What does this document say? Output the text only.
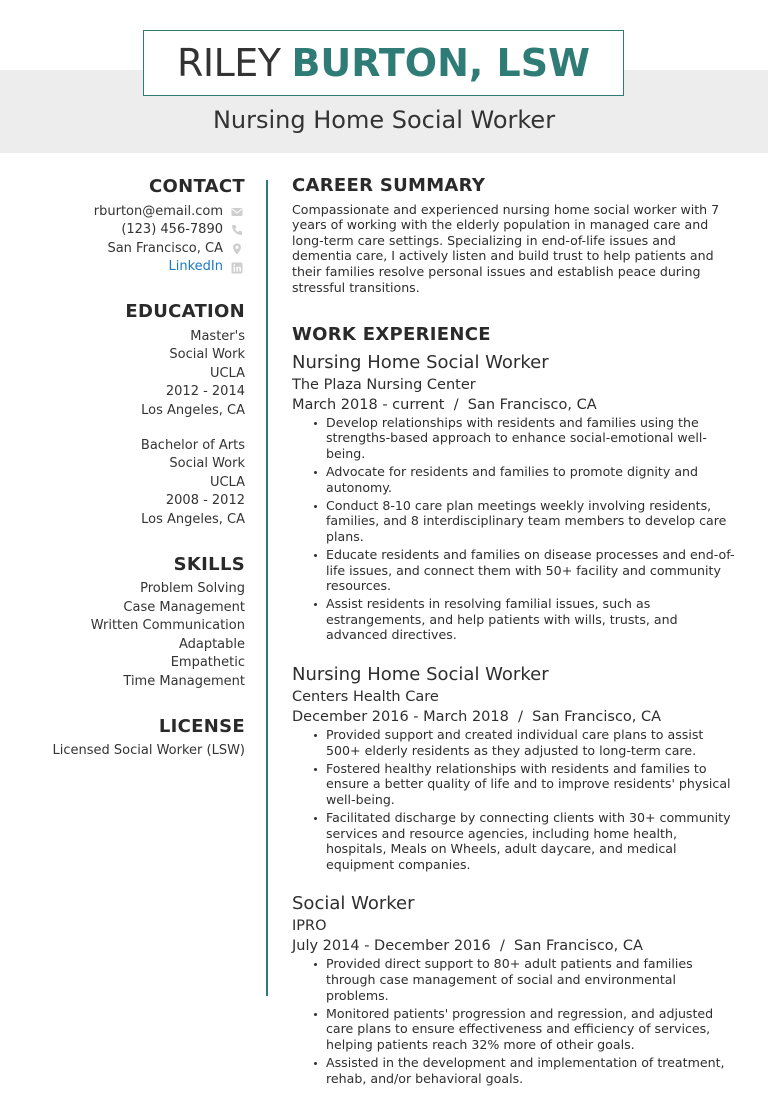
RILEY BURTON, LSW
Nursing Home Social Worker
CONTACT
rburton@email.com
(123) 456-7890
San Francisco, CA
LinkedIn
EDUCATION
Master's
Social Work
UCLA
2012 - 2014
Los Angeles, CA
Bachelor of Arts
Social Work
UCLA
2008 - 2012
Los Angeles, CA
SKILLS
Problem Solving
Case Management
Written Communication
Adaptable
Empathetic
Time Management
LICENSE
Licensed Social Worker (LSW)
CAREER SUMMARY

Compassionate and experienced nursing home social worker with 7 years of working with the elderly population in managed care and long-term care settings. Specializing in end-of-life issues and dementia care, I actively listen and build trust to help patients and their families resolve personal issues and establish peace during stressful transitions.

WORK EXPERIENCE
Nursing Home Social Worker
The Plaza Nursing Center
March 2018 - current  /  San Francisco, CA
Develop relationships with residents and families using the strengths-based approach to enhance social-emotional well-being.
Advocate for residents and families to promote dignity and autonomy.
Conduct 8-10 care plan meetings weekly involving residents, families, and 8 interdisciplinary team members to develop care plans.
Educate residents and families on disease processes and end-of-life issues, and connect them with 50+ facility and community resources.
Assist residents in resolving familial issues, such as estrangements, and help patients with wills, trusts, and advanced directives.
Nursing Home Social Worker
Centers Health Care
December 2016 - March 2018  /  San Francisco, CA
Provided support and created individual care plans to assist 500+ elderly residents as they adjusted to long-term care.
Fostered healthy relationships with residents and families to ensure a better quality of life and to improve residents' physical well-being.
Facilitated discharge by connecting clients with 30+ community services and resource agencies, including home health, hospitals, Meals on Wheels, adult daycare, and medical equipment companies.
Social Worker
IPRO
July 2014 - December 2016  /  San Francisco, CA
Provided direct support to 80+ adult patients and families through case management of social and environmental problems.
Monitored patients' progression and regression, and adjusted care plans to ensure effectiveness and efficiency of services, helping patients reach 32% more of otheir goals.
Assisted in the development and implementation of treatment, rehab, and/or behavioral goals.
